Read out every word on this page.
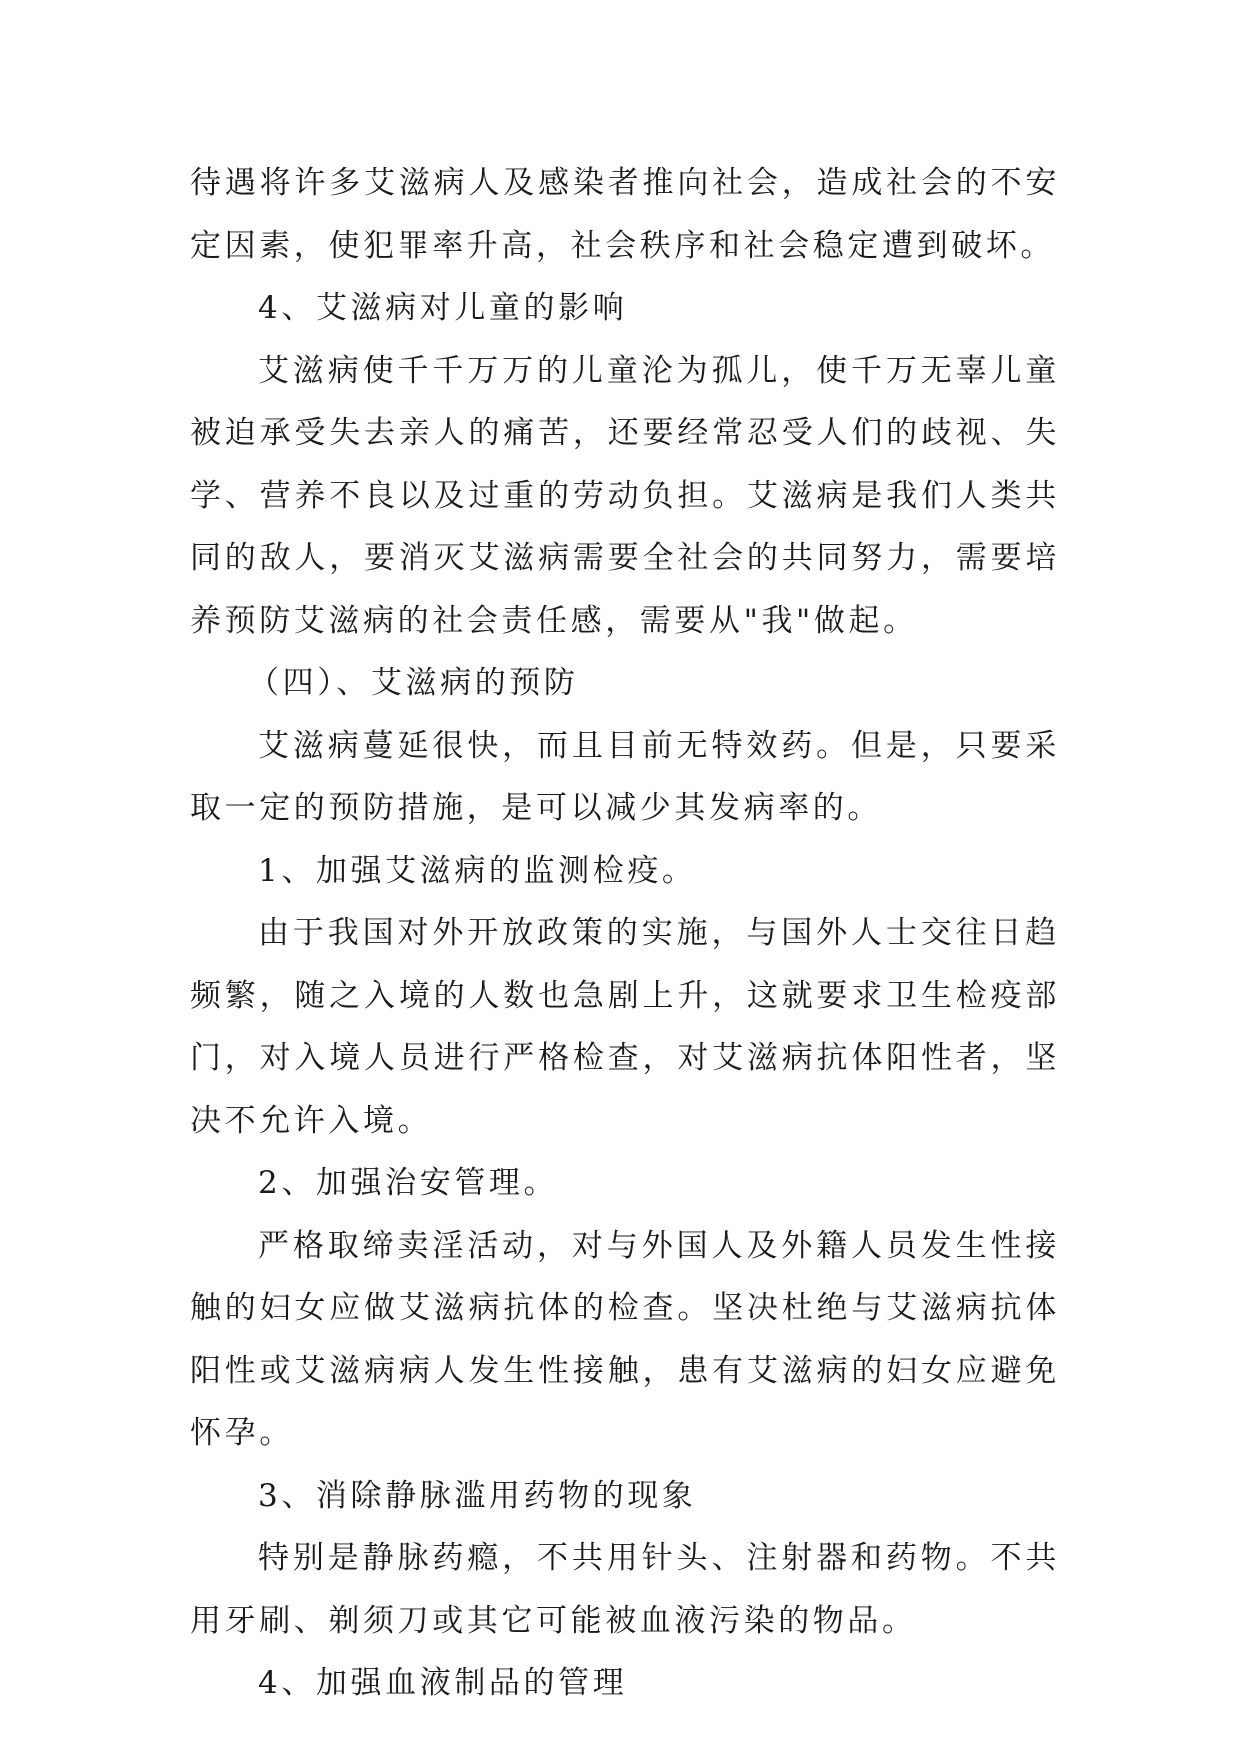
待遇将许多艾滋病人及感染者推向社会，造成社会的不安定因素，使犯罪率升高，社会秩序和社会稳定遭到破坏。

4、艾滋病对儿童的影响

艾滋病使千千万万的儿童沦为孤儿，使千万无辜儿童被迫承受失去亲人的痛苦，还要经常忍受人们的歧视、失学、营养不良以及过重的劳动负担。艾滋病是我们人类共同的敌人，要消灭艾滋病需要全社会的共同努力，需要培养预防艾滋病的社会责任感，需要从"我"做起。

（四）、艾滋病的预防

艾滋病蔓延很快，而且目前无特效药。但是，只要采取一定的预防措施，是可以减少其发病率的。

1、加强艾滋病的监测检疫。

由于我国对外开放政策的实施，与国外人士交往日趋频繁，随之入境的人数也急剧上升，这就要求卫生检疫部门，对入境人员进行严格检查，对艾滋病抗体阳性者，坚决不允许入境。

2、加强治安管理。

严格取缔卖淫活动，对与外国人及外籍人员发生性接触的妇女应做艾滋病抗体的检查。坚决杜绝与艾滋病抗体阳性或艾滋病病人发生性接触，患有艾滋病的妇女应避免怀孕。

3、消除静脉滥用药物的现象

特别是静脉药瘾，不共用针头、注射器和药物。不共用牙刷、剃须刀或其它可能被血液污染的物品。

4、加强血液制品的管理
